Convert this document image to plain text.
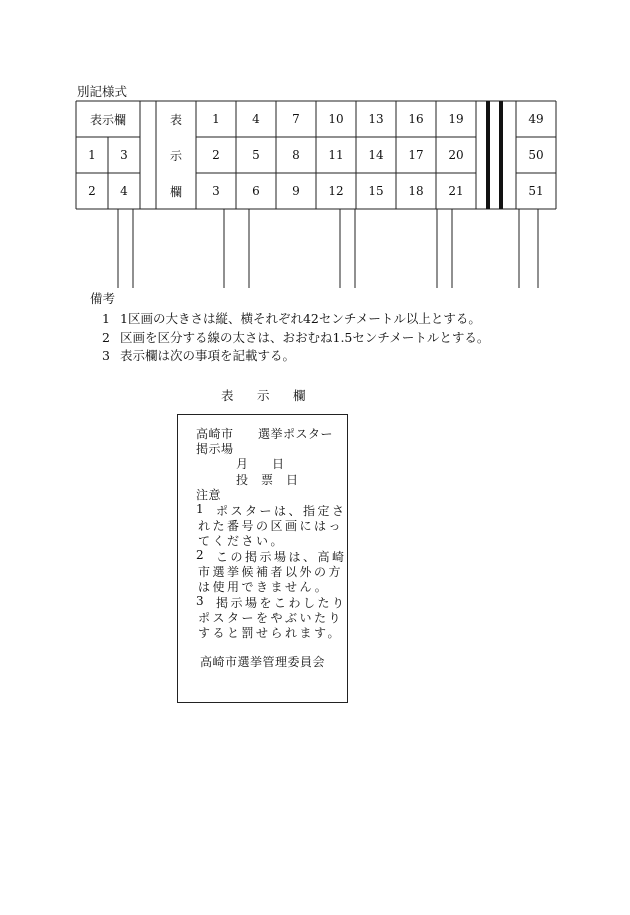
別記様式
表示欄
1	3
2	4
表
示
欄
1
2
3
4
5
6
7
8
9
10
11
12
13
14
15
16
17
18
19
20
21
49
50
51
備考
1 1区画の大きさは縦、横それぞれ42センチメートル以上とする。
2 区画を区分する線の太さは、おおむね1.5センチメートルとする。
3 表示欄は次の事項を記載する。
表 示 欄
高崎市 選挙ポスター
掲示場
月 日
投　票　日
注意
1 ポスターは、指定さ
れた番号の区画にはっ
てください。
2 この掲示場は、高崎
市選挙候補者以外の方
は使用できません。
3 掲示場をこわしたり
ポスターをやぶいたり
すると罰せられます。
高崎市選挙管理委員会
